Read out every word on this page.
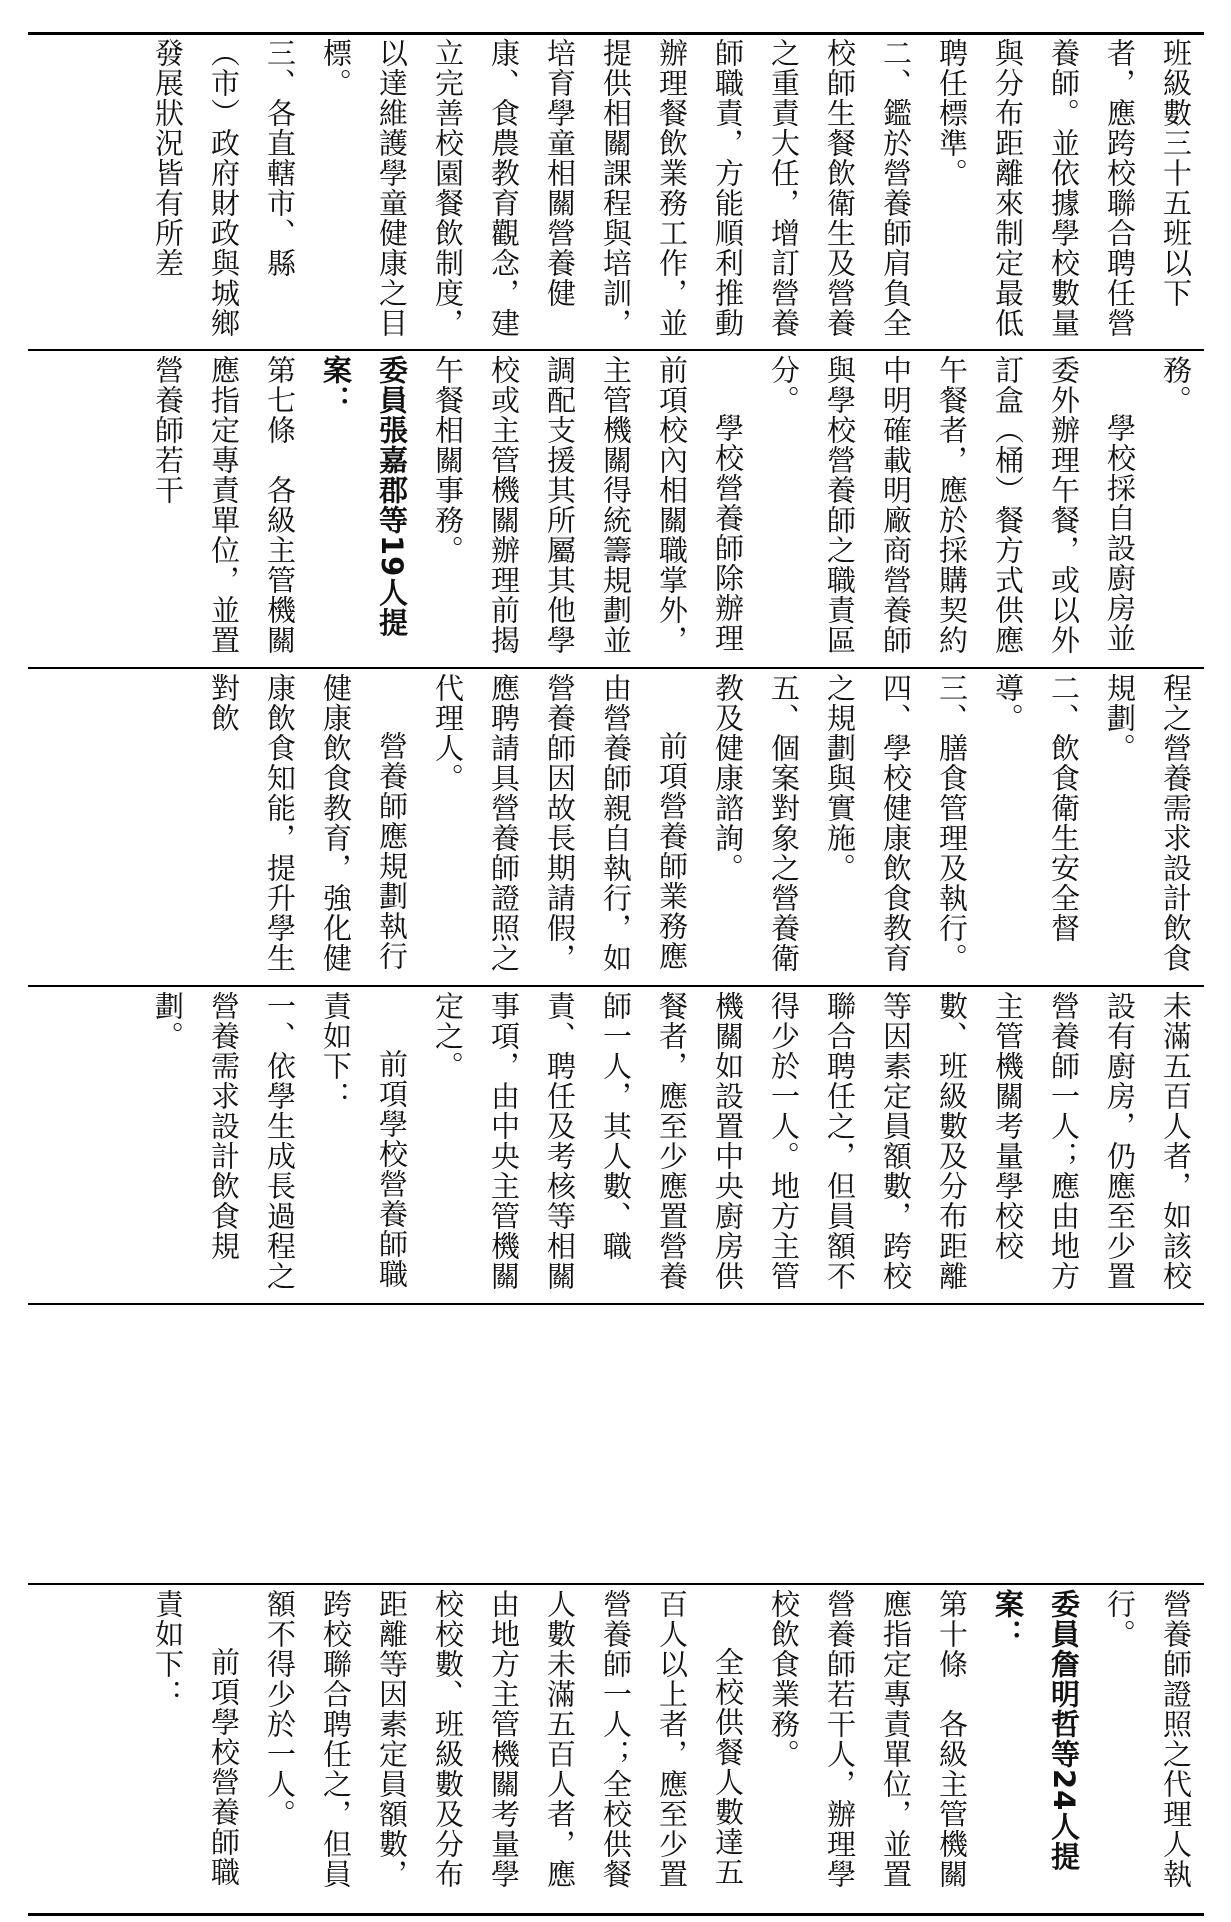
班級數三十五班以下者，應跨校聯合聘任營養師。並依據學校數量與分布距離來制定最低聘任標準。

二、鑑於營養師肩負全校師生餐飲衛生及營養之重責大任，增訂營養師職責，方能順利推動辦理餐飲業務工作，並提供相關課程與培訓，培育學童相關營養健康、食農教育觀念，建立完善校園餐飲制度，以達維護學童健康之目標。

三、各直轄市、縣（市）政府財政與城鄉發展狀況皆有所差

務。

學校採自設廚房並委外辦理午餐，或以外訂盒（桶）餐方式供應午餐者，應於採購契約中明確載明廠商營養師與學校營養師之職責區分。

學校營養師除辦理前項校內相關職掌外，主管機關得統籌規劃並調配支援其所屬其他學校或主管機關辦理前揭午餐相關事務。

委員張嘉郡等19人提案：

第七條　各級主管機關應指定專責單位，並置營養師若干

程之營養需求設計飲食規劃。

二、飲食衛生安全督導。

三、膳食管理及執行。

四、學校健康飲食教育之規劃與實施。

五、個案對象之營養衛教及健康諮詢。

前項營養師業務應由營養師親自執行，如營養師因故長期請假，應聘請具營養師證照之代理人。

營養師應規劃執行健康飲食教育，強化健康飲食知能，提升學生對飲

未滿五百人者，如該校設有廚房，仍應至少置營養師一人；應由地方主管機關考量學校校數、班級數及分布距離等因素定員額數，跨校聯合聘任之，但員額不得少於一人。地方主管機關如設置中央廚房供餐者，應至少應置營養師一人，其人數、職責、聘任及考核等相關事項，由中央主管機關定之。

前項學校營養師職責如下：

一、依學生成長過程之營養需求設計飲食規劃。

營養師證照之代理人執行。

委員詹明哲等24人提案：

第十條　各級主管機關應指定專責單位，並置營養師若干人，辦理學校飲食業務。

全校供餐人數達五百人以上者，應至少置營養師一人；全校供餐人數未滿五百人者，應由地方主管機關考量學校校數、班級數及分布距離等因素定員額數，跨校聯合聘任之，但員額不得少於一人。

前項學校營養師職責如下：
